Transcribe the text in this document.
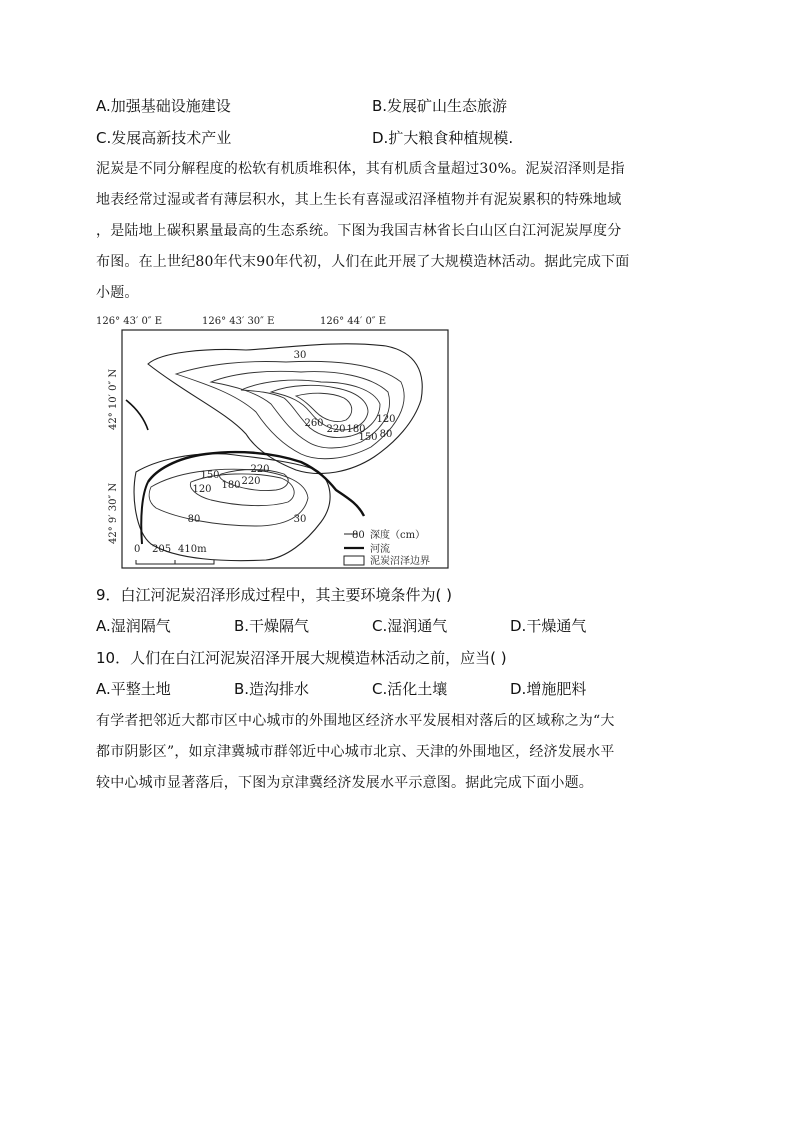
A.加强基础设施建设	B.发展矿山生态旅游
C.发展高新技术产业	D.扩大粮食种植规模.

泥炭是不同分解程度的松软有机质堆积体，其有机质含量超过30%。泥炭沼泽则是指

地表经常过湿或者有薄层积水，其上生长有喜湿或沼泽植物并有泥炭累积的特殊地域

，是陆地上碳积累量最高的生态系统。下图为我国吉林省长白山区白江河泥炭厚度分

布图。在上世纪80年代末90年代初，人们在此开展了大规模造林活动。据此完成下面

小题。

126° 43′ 0″ E	126° 43′ 30″ E	126° 44′ 0″ E
42° 10′ 0″ N
42° 9′ 30″ N
30
260
220 180
150
120
80
150
120 180
220
220
80	30
80 深度（cm）
河流
泥炭沼泽边界
0 205 410m
9．白江河泥炭沼泽形成过程中，其主要环境条件为( )
A.湿润隔气	B.干燥隔气	C.湿润通气	D.干燥通气
10．人们在白江河泥炭沼泽开展大规模造林活动之前，应当( )
A.平整土地	B.造沟排水	C.活化土壤	D.增施肥料

有学者把邻近大都市区中心城市的外围地区经济水平发展相对落后的区域称之为“大

都市阴影区”，如京津冀城市群邻近中心城市北京、天津的外围地区，经济发展水平

较中心城市显著落后，下图为京津冀经济发展水平示意图。据此完成下面小题。
